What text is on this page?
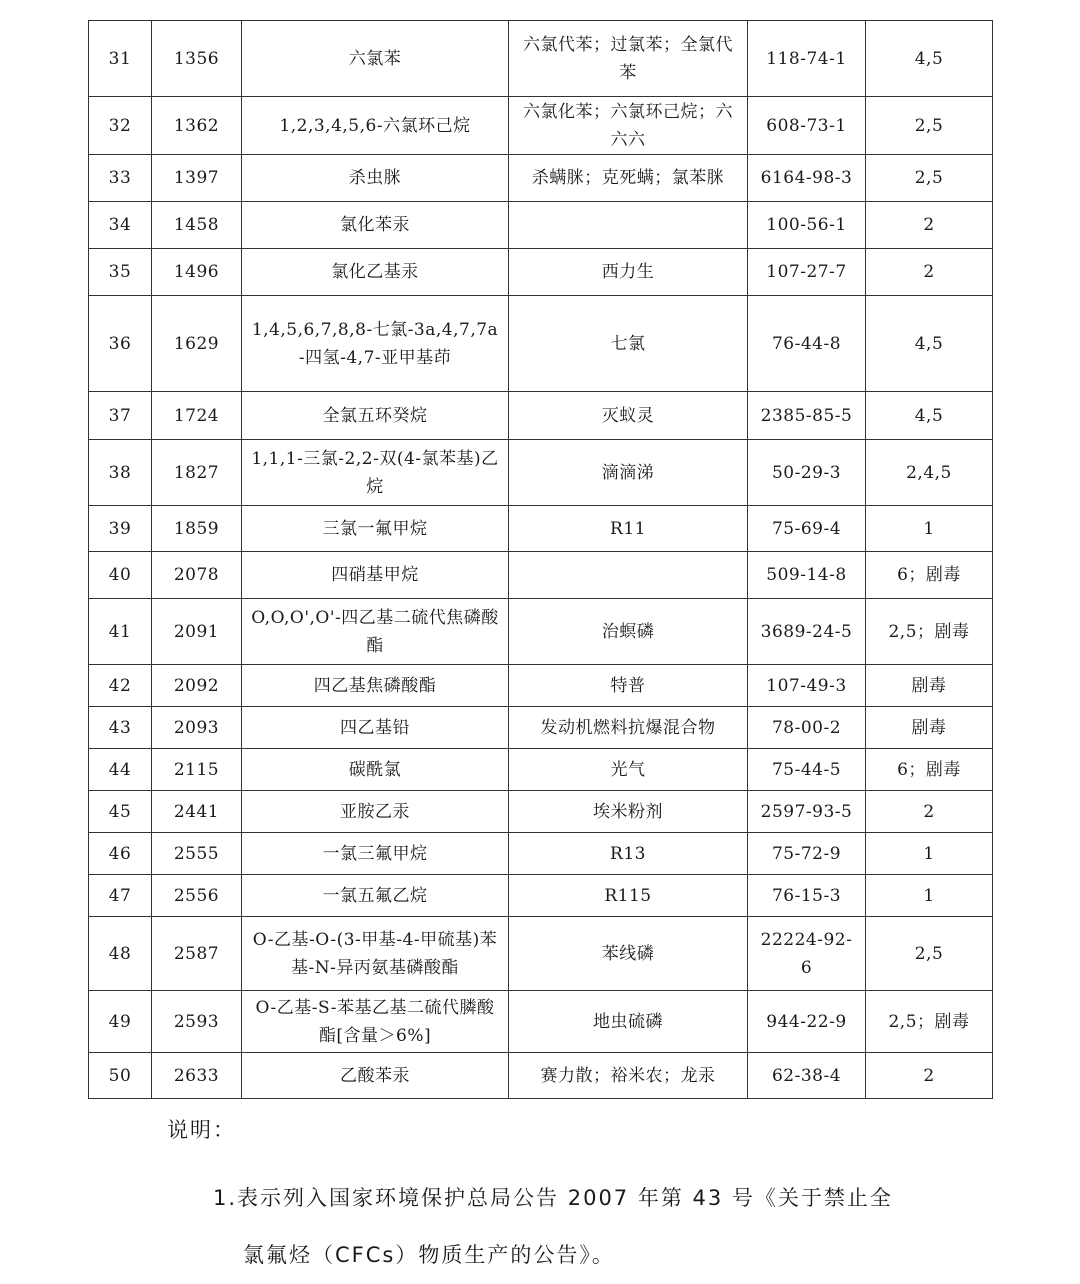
31	1356	六氯苯	六氯代苯；过氯苯；全氯代苯	118-74-1	4,5
32	1362	1,2,3,4,5,6-六氯环己烷	六氯化苯；六氯环己烷；六六六	608-73-1	2,5
33	1397	杀虫脒	杀螨脒；克死螨；氯苯脒	6164-98-3	2,5
34	1458	氯化苯汞		100-56-1	2
35	1496	氯化乙基汞	西力生	107-27-7	2
36	1629	1,4,5,6,7,8,8-七氯-3a,4,7,7a-四氢-4,7-亚甲基茚	七氯	76-44-8	4,5
37	1724	全氯五环癸烷	灭蚁灵	2385-85-5	4,5
38	1827	1,1,1-三氯-2,2-双(4-氯苯基)乙烷	滴滴涕	50-29-3	2,4,5
39	1859	三氯一氟甲烷	R11	75-69-4	1
40	2078	四硝基甲烷		509-14-8	6；剧毒
41	2091	O,O,O',O'-四乙基二硫代焦磷酸酯	治螟磷	3689-24-5	2,5；剧毒
42	2092	四乙基焦磷酸酯	特普	107-49-3	剧毒
43	2093	四乙基铅	发动机燃料抗爆混合物	78-00-2	剧毒
44	2115	碳酰氯	光气	75-44-5	6；剧毒
45	2441	亚胺乙汞	埃米粉剂	2597-93-5	2
46	2555	一氯三氟甲烷	R13	75-72-9	1
47	2556	一氯五氟乙烷	R115	76-15-3	1
48	2587	O-乙基-O-(3-甲基-4-甲硫基)苯基-N-异丙氨基磷酸酯	苯线磷	22224-92-6	2,5
49	2593	O-乙基-S-苯基乙基二硫代膦酸酯[含量＞6%]	地虫硫磷	944-22-9	2,5；剧毒
50	2633	乙酸苯汞	赛力散；裕米农；龙汞	62-38-4	2
说明：
1.表示列入国家环境保护总局公告 2007 年第 43 号《关于禁止全
氯氟烃（CFCs）物质生产的公告》。
